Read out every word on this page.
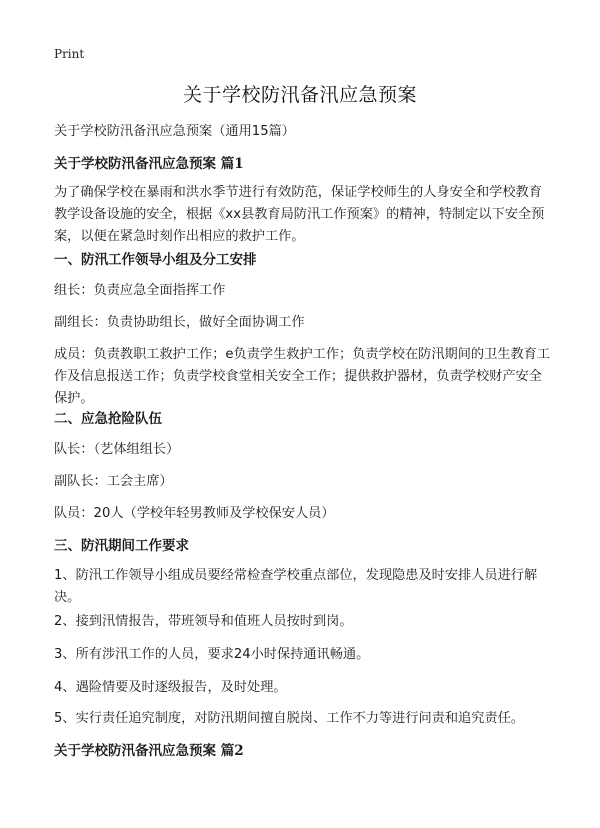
Print
关于学校防汛备汛应急预案

关于学校防汛备汛应急预案（通用15篇）

关于学校防汛备汛应急预案 篇1

为了确保学校在暴雨和洪水季节进行有效防范，保证学校师生的人身安全和学校教育教学设备设施的安全，根据《xx县教育局防汛工作预案》的精神，特制定以下安全预案，以便在紧急时刻作出相应的救护工作。

一、防汛工作领导小组及分工安排

组长：负责应急全面指挥工作

副组长：负责协助组长，做好全面协调工作

成员：负责教职工救护工作；e负责学生救护工作；负责学校在防汛期间的卫生教育工作及信息报送工作；负责学校食堂相关安全工作；提供救护器材，负责学校财产安全保护。

二、应急抢险队伍

队长：（艺体组组长）

副队长：工会主席）

队员：20人（学校年轻男教师及学校保安人员）

三、防汛期间工作要求

1、防汛工作领导小组成员要经常检查学校重点部位，发现隐患及时安排人员进行解决。

2、接到汛情报告，带班领导和值班人员按时到岗。

3、所有涉汛工作的人员，要求24小时保持通讯畅通。

4、遇险情要及时逐级报告，及时处理。

5、实行责任追究制度，对防汛期间擅自脱岗、工作不力等进行问责和追究责任。

关于学校防汛备汛应急预案 篇2
